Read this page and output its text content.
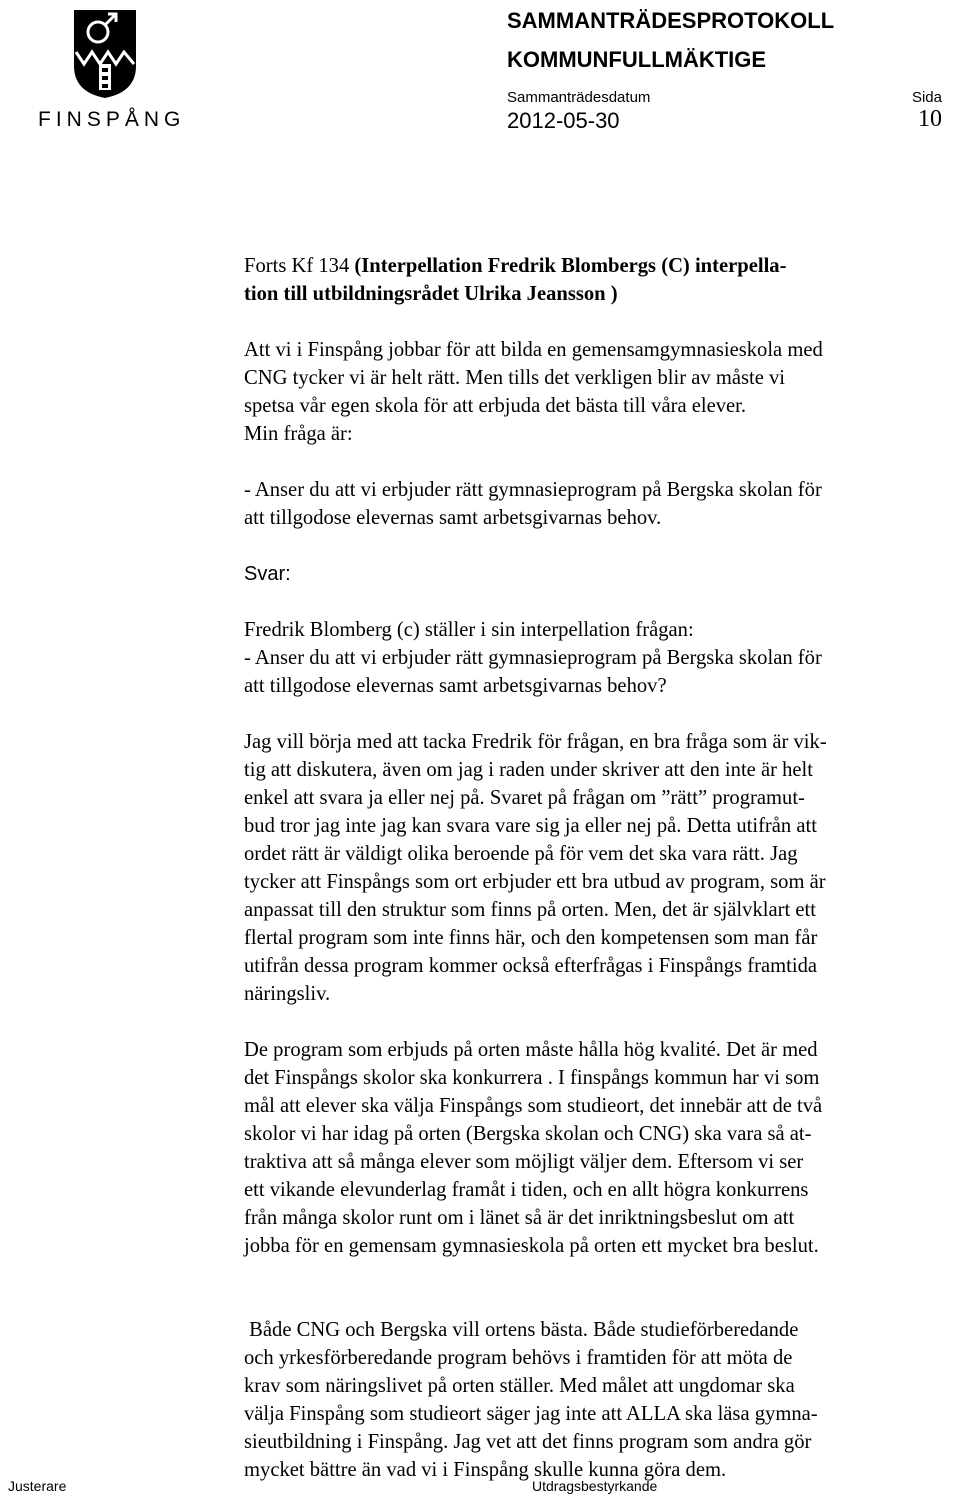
FINSPÅNG
SAMMANTRÄDESPROTOKOLL
KOMMUNFULLMÄKTIGE
Sammanträdesdatum	Sida
2012-05-30	10

Forts Kf 134 (Interpellation Fredrik Blombergs (C) interpella-
tion till utbildningsrådet Ulrika Jeansson )

Att vi i Finspång jobbar för att bilda en gemensamgymnasieskola med
CNG tycker vi är helt rätt. Men tills det verkligen blir av måste vi
spetsa vår egen skola för att erbjuda det bästa till våra elever.
Min fråga är:

- Anser du att vi erbjuder rätt gymnasieprogram på Bergska skolan för
att tillgodose elevernas samt arbetsgivarnas behov.

Svar:

Fredrik Blomberg (c) ställer i sin interpellation frågan:
- Anser du att vi erbjuder rätt gymnasieprogram på Bergska skolan för
att tillgodose elevernas samt arbetsgivarnas behov?

Jag vill börja med att tacka Fredrik för frågan, en bra fråga som är vik-
tig att diskutera, även om jag i raden under skriver att den inte är helt
enkel att svara ja eller nej på. Svaret på frågan om ”rätt” programut-
bud tror jag inte jag kan svara vare sig ja eller nej på. Detta utifrån att
ordet rätt är väldigt olika beroende på för vem det ska vara rätt. Jag
tycker att Finspångs som ort erbjuder ett bra utbud av program, som är
anpassat till den struktur som finns på orten. Men, det är självklart ett
flertal program som inte finns här, och den kompetensen som man får
utifrån dessa program kommer också efterfrågas i Finspångs framtida
näringsliv.

De program som erbjuds på orten måste hålla hög kvalité. Det är med
det Finspångs skolor ska konkurrera . I finspångs kommun har vi som
mål att elever ska välja Finspångs som studieort, det innebär att de två
skolor vi har idag på orten (Bergska skolan och CNG) ska vara så at-
traktiva att så många elever som möjligt väljer dem. Eftersom vi ser
ett vikande elevunderlag framåt i tiden, och en allt högra konkurrens
från många skolor runt om i länet så är det inriktningsbeslut om att
jobba för en gemensam gymnasieskola på orten ett mycket bra beslut.

Både CNG och Bergska vill ortens bästa. Både studieförberedande
och yrkesförberedande program behövs i framtiden för att möta de
krav som näringslivet på orten ställer. Med målet att ungdomar ska
välja Finspång som studieort säger jag inte att ALLA ska läsa gymna-
sieutbildning i Finspång. Jag vet att det finns program som andra gör
mycket bättre än vad vi i Finspång skulle kunna göra dem.

Justerare	Utdragsbestyrkande
